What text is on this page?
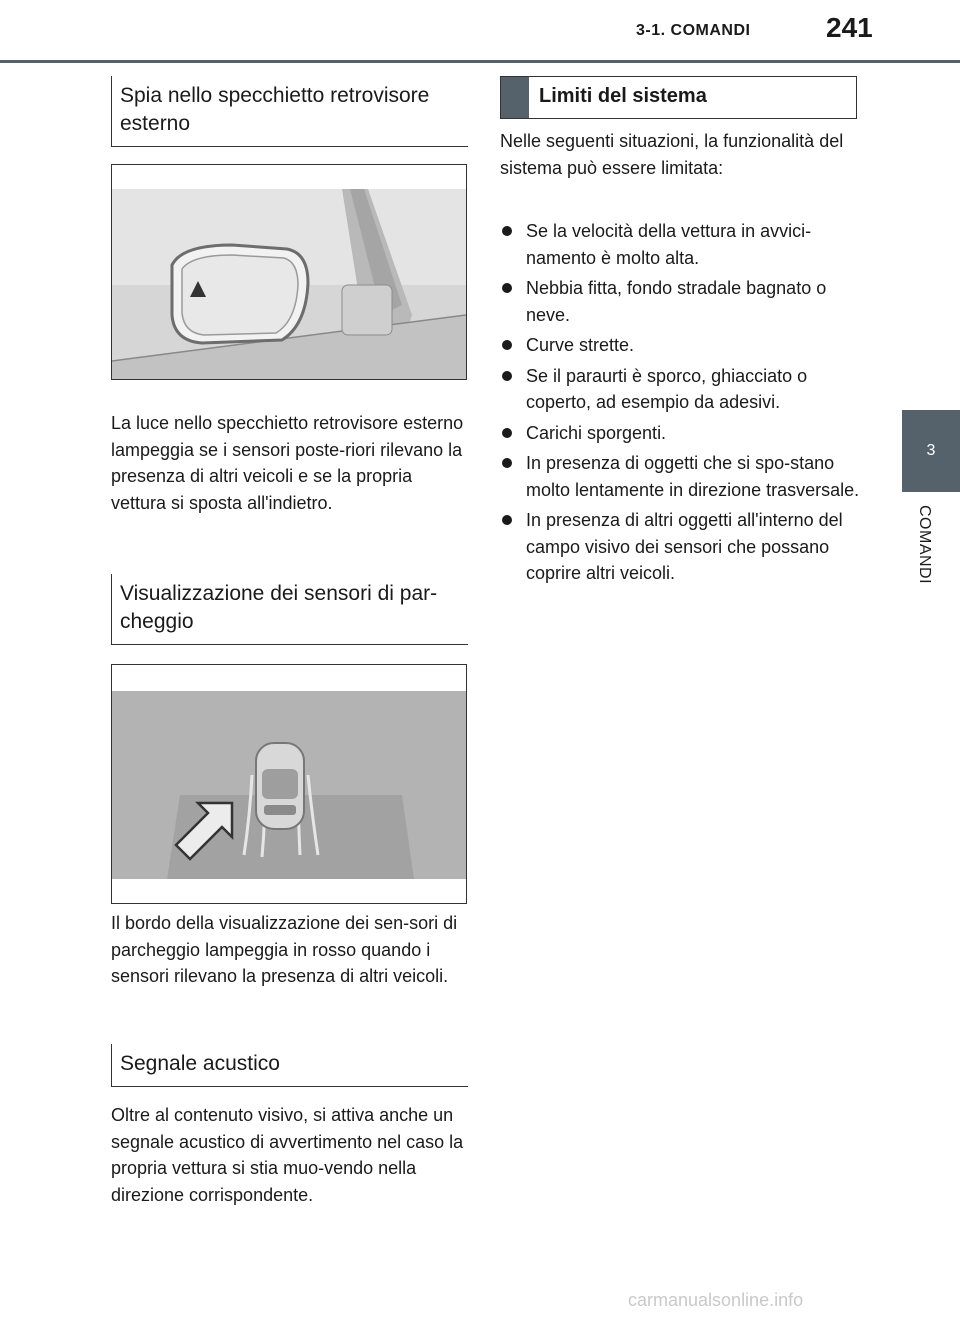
3-1. COMANDI	241
3
COMANDI
Spia nello specchietto retrovisore esterno
La luce nello specchietto retrovisore esterno lampeggia se i sensori poste-riori rilevano la presenza di altri veicoli e se la propria vettura si sposta all'indietro.
Visualizzazione dei sensori di par-cheggio
Il bordo della visualizzazione dei sen-sori di parcheggio lampeggia in rosso quando i sensori rilevano la presenza di altri veicoli.
Segnale acustico
Oltre al contenuto visivo, si attiva anche un segnale acustico di avvertimento nel caso la propria vettura si stia muo-vendo nella direzione corrispondente.
Limiti del sistema
Nelle seguenti situazioni, la funzionalità del sistema può essere limitata:
Se la velocità della vettura in avvici-namento è molto alta.
Nebbia fitta, fondo stradale bagnato o neve.
Curve strette.
Se il paraurti è sporco, ghiacciato o coperto, ad esempio da adesivi.
Carichi sporgenti.
In presenza di oggetti che si spo-stano molto lentamente in direzione trasversale.
In presenza di altri oggetti all'interno del campo visivo dei sensori che possano coprire altri veicoli.
carmanualsonline.info
